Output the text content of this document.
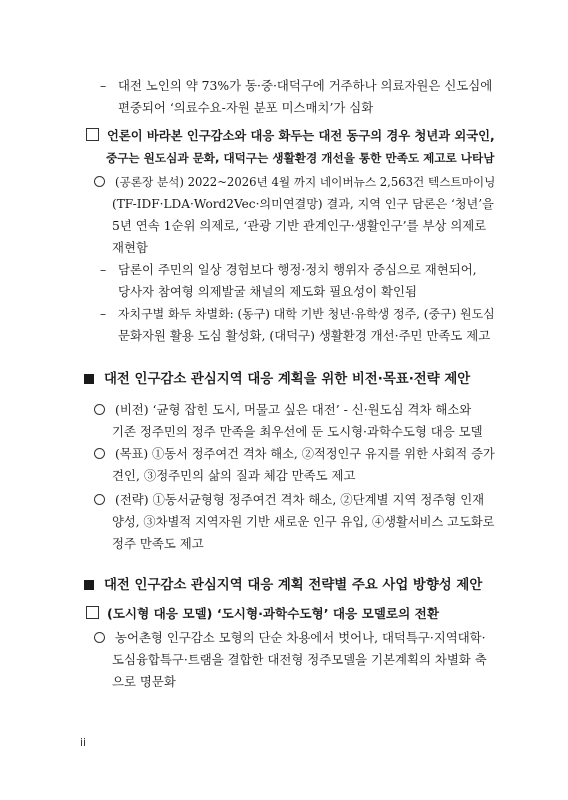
– 대전 노인의 약 73%가 동·중·대덕구에 거주하나 의료자원은 신도심에
편중되어 ‘의료수요-자원 분포 미스매치’가 심화
언론이 바라본 인구감소와 대응 화두는 대전 동구의 경우 청년과 외국인,
중구는 원도심과 문화, 대덕구는 생활환경 개선을 통한 만족도 제고로 나타남
(공론장 분석) 2022~2026년 4월 까지 네이버뉴스 2,563건 텍스트마이닝
(TF-IDF·LDA·Word2Vec·의미연결망) 결과, 지역 인구 담론은 ‘청년’을
5년 연속 1순위 의제로, ‘관광 기반 관계인구·생활인구’를 부상 의제로
재현함
– 담론이 주민의 일상 경험보다 행정·정치 행위자 중심으로 재현되어,
당사자 참여형 의제발굴 채널의 제도화 필요성이 확인됨
– 자치구별 화두 차별화: (동구) 대학 기반 청년·유학생 정주, (중구) 원도심
문화자원 활용 도심 활성화, (대덕구) 생활환경 개선·주민 만족도 제고
대전 인구감소 관심지역 대응 계획을 위한 비전·목표·전략 제안
(비전) ‘균형 잡힌 도시, 머물고 싶은 대전’ - 신·원도심 격차 해소와
기존 정주민의 정주 만족을 최우선에 둔 도시형·과학수도형 대응 모델
(목표) ①동서 정주여건 격차 해소, ②적정인구 유지를 위한 사회적 증가
견인, ③정주민의 삶의 질과 체감 만족도 제고
(전략) ①동서균형형 정주여건 격차 해소, ②단계별 지역 정주형 인재
양성, ③차별적 지역자원 기반 새로운 인구 유입, ④생활서비스 고도화로
정주 만족도 제고
대전 인구감소 관심지역 대응 계획 전략별 주요 사업 방향성 제안
(도시형 대응 모델) ‘도시형·과학수도형’ 대응 모델로의 전환
농어촌형 인구감소 모형의 단순 차용에서 벗어나, 대덕특구·지역대학·
도심융합특구·트램을 결합한 대전형 정주모델을 기본계획의 차별화 축
으로 명문화
ii
